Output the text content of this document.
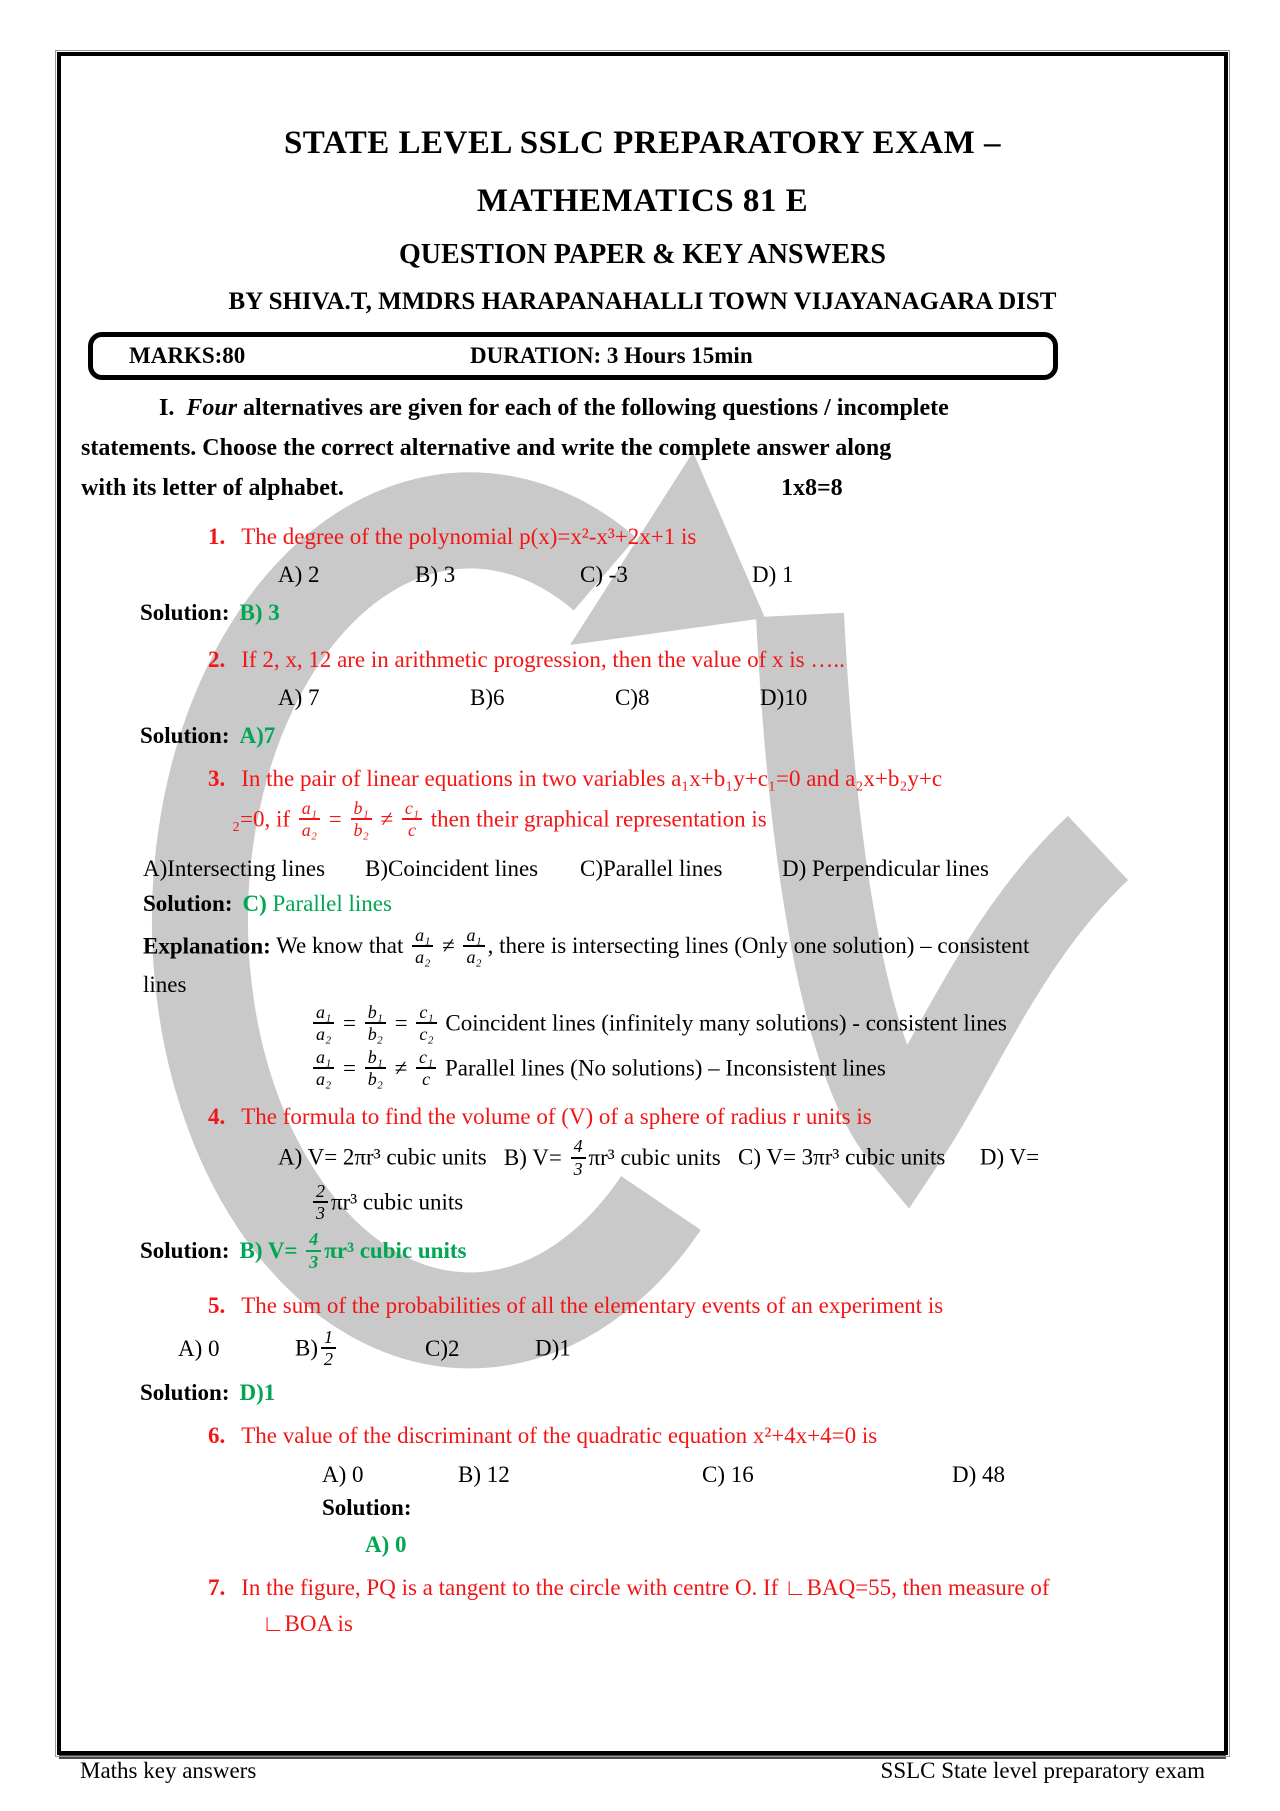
STATE LEVEL SSLC PREPARATORY EXAM –
MATHEMATICS 81 E
QUESTION PAPER & KEY ANSWERS
BY SHIVA.T, MMDRS HARAPANAHALLI TOWN VIJAYANAGARA DIST
MARKS:80	DURATION: 3 Hours 15min
I. Four alternatives are given for each of the following questions / incomplete
statements. Choose the correct alternative and write the complete answer along
with its letter of alphabet.	1x8=8
1. The degree of the polynomial p(x)=x²-x³+2x+1 is
A) 2	B) 3	C) -3	D) 1
Solution: B) 3
2. If 2, x, 12 are in arithmetic progression, then the value of x is …..
A) 7	B)6	C)8	D)10
Solution: A)7
3. In the pair of linear equations in two variables a₁x+b₁y+c₁=0 and a₂x+b₂y+c
₂=0, if $\frac{\text{a₁}}{\text{a₂}} = \frac{\text{b₁}}{\text{b₂}} \ne \frac{\text{c₁}}{c}$ then their graphical representation is
A)Intersecting lines B)Coincident lines C)Parallel lines	D) Perpendicular lines
Solution: C) Parallel lines
Explanation: We know that $\frac{\text{a₁}}{\text{a₂}} \ne \frac{\text{a₁}}{\text{a₂}}$ , there is intersecting lines (Only one solution) – consistent
lines
$\frac{\text{a₁}}{\text{a₂}} = \frac{\text{b₁}}{\text{b₂}} = \frac{\text{c₁}}{\text{c₂}}$ Coincident lines (infinitely many solutions) - consistent lines
$\frac{\text{a₁}}{\text{a₂}} = \frac{\text{b₁}}{\text{b₂}} \ne \frac{\text{c₁}}{c}$ Parallel lines (No solutions) – Inconsistent lines
4. The formula to find the volume of (V) of a sphere of radius r units is
A) V= 2πr³ cubic units B) $V= \frac{4}{3} \pi r^3$ cubic units C) V= 3πr³ cubic units D) V=
$\frac{2}{3} \pi r^3$ cubic units
Solution: B) $V= \frac{4}{3} \pi r^3$ cubic units
5. The sum of the probabilities of all the elementary events of an experiment is
A) 0	$B) \frac{1}{2}$	C)2	D)1
Solution: D)1
6. The value of the discriminant of the quadratic equation x²+4x+4=0 is
A) 0	B) 12	C) 16	D) 48Solution:
A) 0
7. In the figure, PQ is a tangent to the circle with centre O. If ∟BAQ=55, then measure of
∟BOA is
Maths key answers	SSLC State level preparatory exam
